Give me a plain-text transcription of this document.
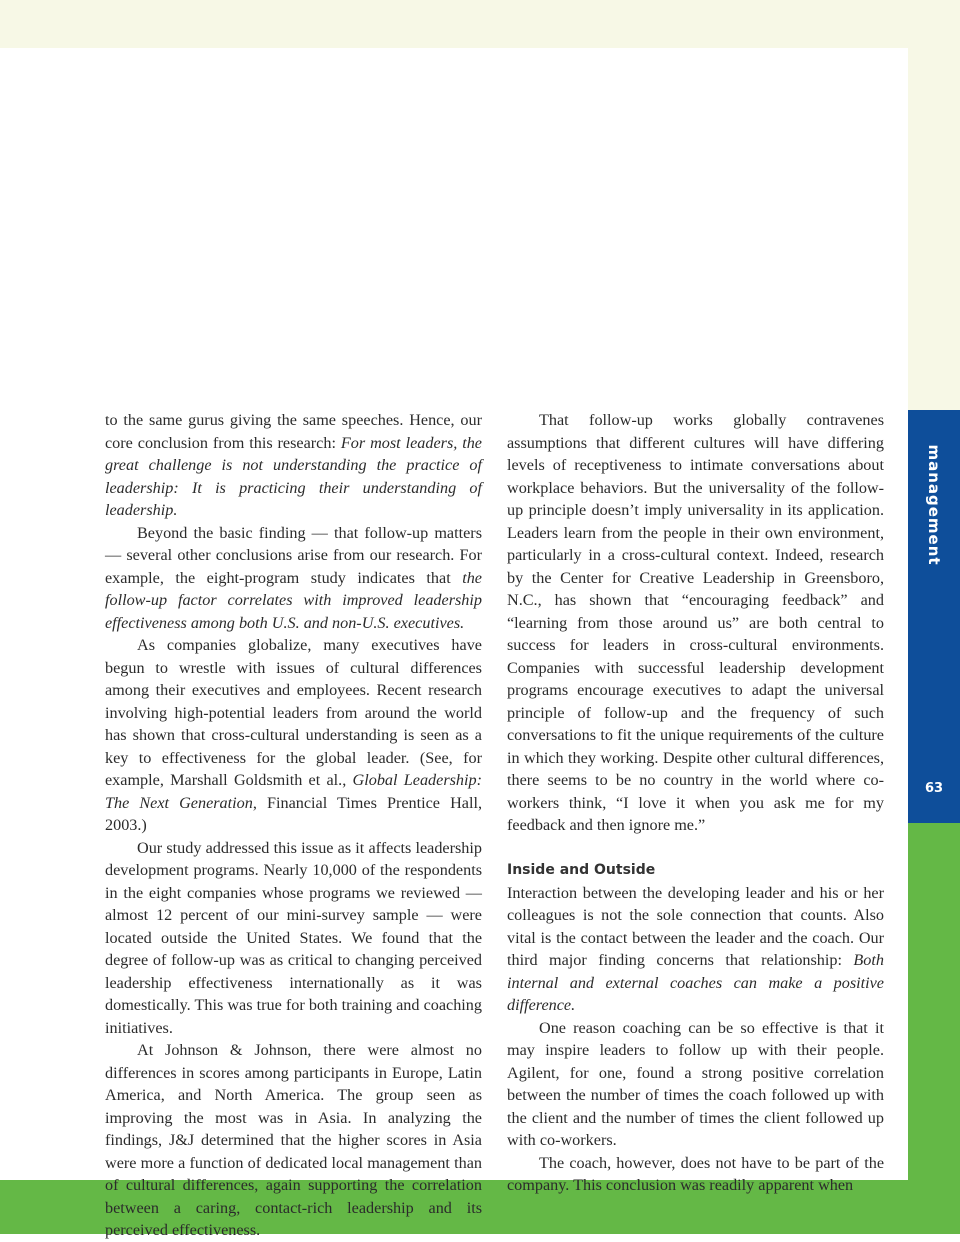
management
63

to the same gurus giving the same speeches. Hence, our core conclusion from this research: For most leaders, the great challenge is not understanding the practice of leadership: It is practicing their understanding of leadership.

Beyond the basic finding — that follow-up matters — several other conclusions arise from our research. For example, the eight-program study indicates that the follow-up factor correlates with improved leadership effectiveness among both U.S. and non-U.S. executives.

As companies globalize, many executives have begun to wrestle with issues of cultural differences among their executives and employees. Recent research involving high-potential leaders from around the world has shown that cross-cultural understanding is seen as a key to effectiveness for the global leader. (See, for example, Marshall Goldsmith et al., Global Leadership: The Next Generation, Financial Times Prentice Hall, 2003.)

Our study addressed this issue as it affects leadership development programs. Nearly 10,000 of the respondents in the eight companies whose programs we reviewed — almost 12 percent of our mini-survey sample — were located outside the United States. We found that the degree of follow-up was as critical to changing perceived leadership effectiveness internationally as it was domestically. This was true for both training and coaching initiatives.

At Johnson & Johnson, there were almost no differences in scores among participants in Europe, Latin America, and North America. The group seen as improving the most was in Asia. In analyzing the findings, J&J determined that the higher scores in Asia were more a function of dedicated local management than of cultural differences, again supporting the correlation between a caring, contact-rich leadership and its perceived effectiveness.

That follow-up works globally contravenes assumptions that different cultures will have differing levels of receptiveness to intimate conversations about workplace behaviors. But the universality of the follow-up principle doesn’t imply universality in its application. Leaders learn from the people in their own environment, particularly in a cross-cultural context. Indeed, research by the Center for Creative Leadership in Greensboro, N.C., has shown that “encouraging feedback” and “learning from those around us” are both central to success for leaders in cross-cultural environments. Companies with successful leadership development programs encourage executives to adapt the universal principle of follow-up and the frequency of such conversations to fit the unique requirements of the culture in which they working. Despite other cultural differences, there seems to be no country in the world where co-workers think, “I love it when you ask me for my feedback and then ignore me.”

Inside and Outside

Interaction between the developing leader and his or her colleagues is not the sole connection that counts. Also vital is the contact between the leader and the coach. Our third major finding concerns that relationship: Both internal and external coaches can make a positive difference.

One reason coaching can be so effective is that it may inspire leaders to follow up with their people. Agilent, for one, found a strong positive correlation between the number of times the coach followed up with the client and the number of times the client followed up with co-workers.

The coach, however, does not have to be part of the company. This conclusion was readily apparent when
